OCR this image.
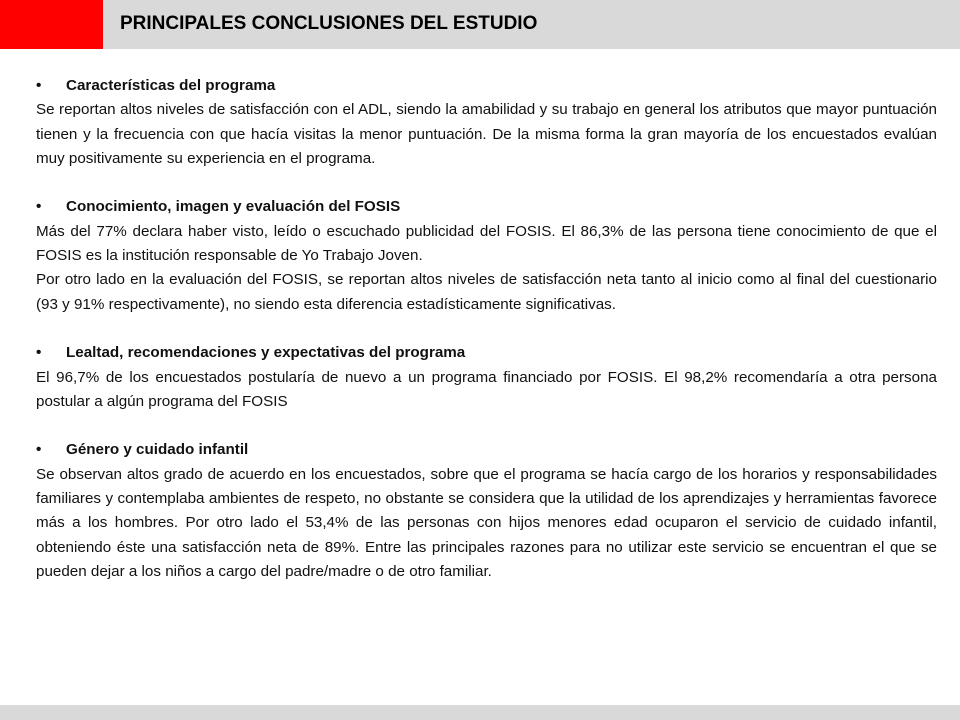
PRINCIPALES CONCLUSIONES DEL ESTUDIO
• Características del programa
Se reportan altos niveles de satisfacción con el ADL, siendo la amabilidad y su trabajo en general los atributos que mayor puntuación tienen y la frecuencia con que hacía visitas la menor puntuación. De la misma forma la gran mayoría de los encuestados evalúan muy positivamente su experiencia en el programa.
• Conocimiento, imagen y evaluación del FOSIS
Más del 77% declara haber visto, leído o escuchado publicidad del FOSIS. El 86,3% de las persona tiene conocimiento de que el FOSIS es la institución responsable de Yo Trabajo Joven.
Por otro lado en la evaluación del FOSIS, se reportan altos niveles de satisfacción neta tanto al inicio como al final del cuestionario (93 y 91% respectivamente), no siendo esta diferencia estadísticamente significativas.
• Lealtad, recomendaciones y expectativas del programa
El 96,7% de los encuestados postularía de nuevo a un programa financiado por FOSIS. El 98,2% recomendaría a otra persona postular a algún programa del FOSIS
• Género y cuidado infantil
Se observan altos grado de acuerdo en los encuestados, sobre que el programa se hacía cargo de los horarios y responsabilidades familiares y contemplaba ambientes de respeto, no obstante se considera que la utilidad de los aprendizajes y herramientas favorece más a los hombres. Por otro lado el 53,4% de las personas con hijos menores edad ocuparon el servicio de cuidado infantil, obteniendo éste una satisfacción neta de 89%. Entre las principales razones para no utilizar este servicio se encuentran el que se pueden dejar a los niños a cargo del padre/madre o de otro familiar.
